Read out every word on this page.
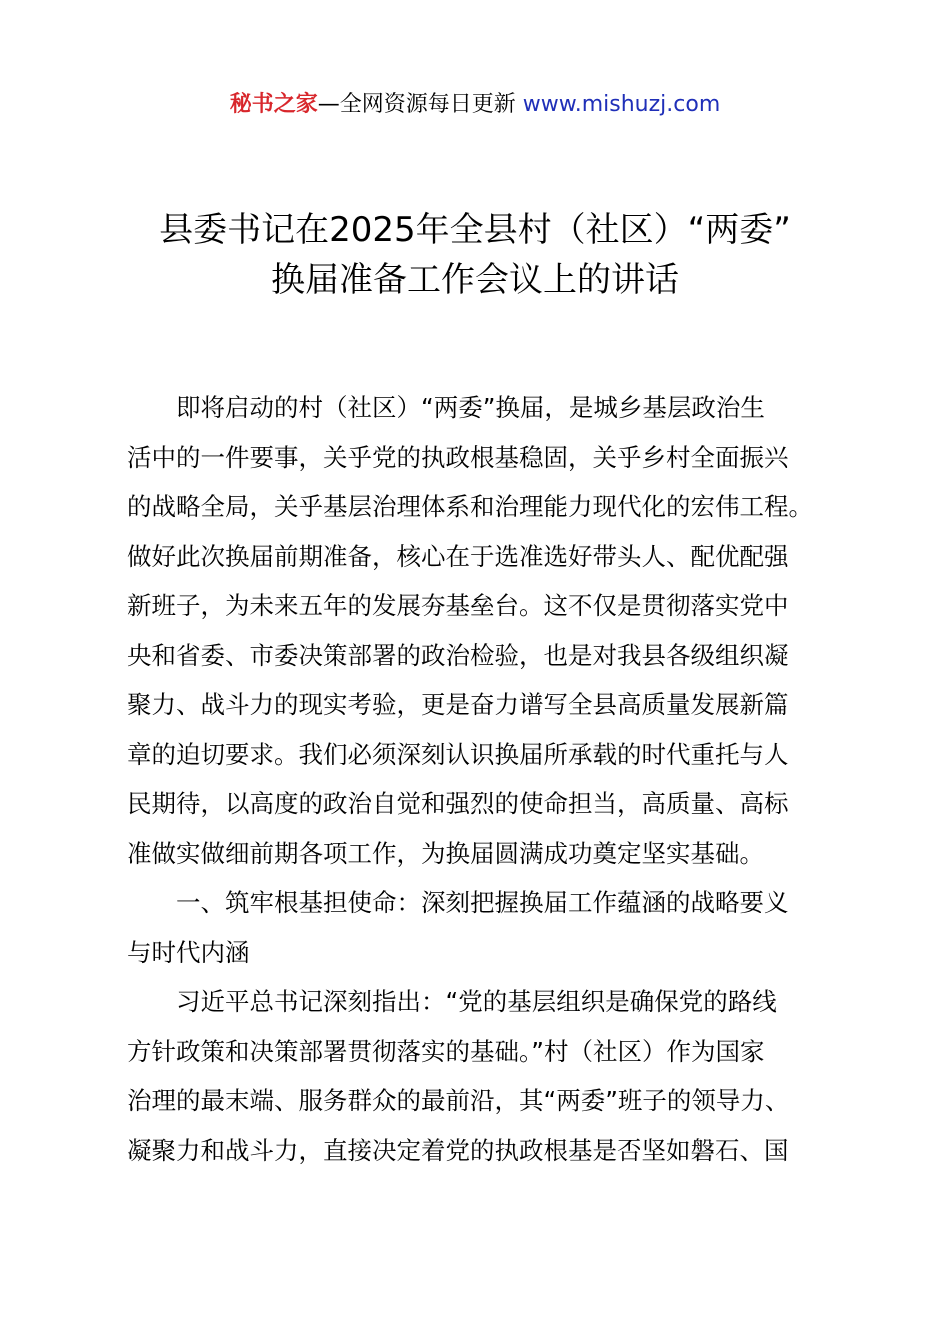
秘书之家—全网资源每日更新 www.mishuzj.com
县委书记在2025年全县村（社区）“两委”
换届准备工作会议上的讲话
即将启动的村（社区）“两委”换届，是城乡基层政治生
活中的一件要事，关乎党的执政根基稳固，关乎乡村全面振兴
的战略全局，关乎基层治理体系和治理能力现代化的宏伟工程。
做好此次换届前期准备，核心在于选准选好带头人、配优配强
新班子，为未来五年的发展夯基垒台。这不仅是贯彻落实党中
央和省委、市委决策部署的政治检验，也是对我县各级组织凝
聚力、战斗力的现实考验，更是奋力谱写全县高质量发展新篇
章的迫切要求。我们必须深刻认识换届所承载的时代重托与人
民期待，以高度的政治自觉和强烈的使命担当，高质量、高标
准做实做细前期各项工作，为换届圆满成功奠定坚实基础。
一、筑牢根基担使命：深刻把握换届工作蕴涵的战略要义
与时代内涵
习近平总书记深刻指出：“党的基层组织是确保党的路线
方针政策和决策部署贯彻落实的基础。”村（社区）作为国家
治理的最末端、服务群众的最前沿，其“两委”班子的领导力、
凝聚力和战斗力，直接决定着党的执政根基是否坚如磐石、国
